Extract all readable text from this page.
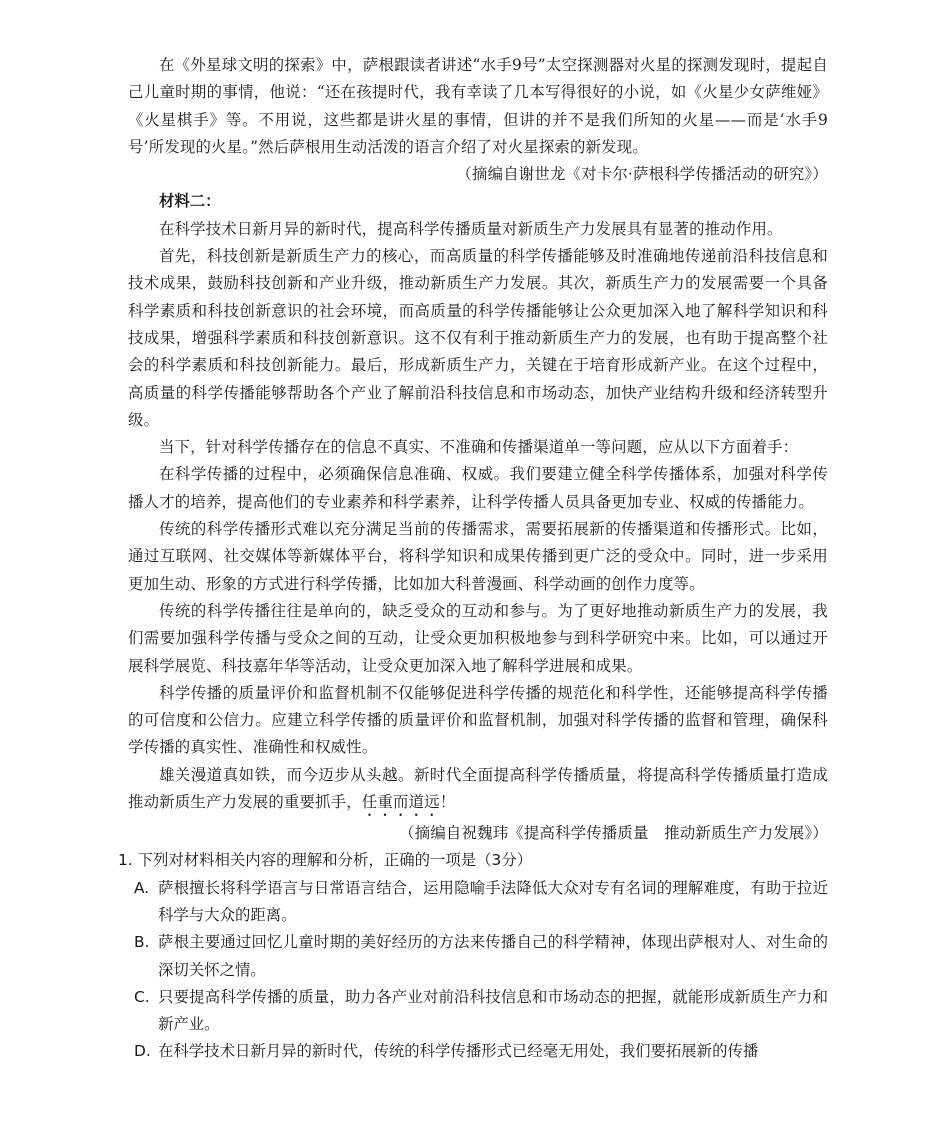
在《外星球文明的探索》中，萨根跟读者讲述“水手9号”太空探测器对火星的探测发现时，提起自己儿童时期的事情，他说：“还在孩提时代，我有幸读了几本写得很好的小说，如《火星少女萨维娅》《火星棋手》等。不用说，这些都是讲火星的事情，但讲的并不是我们所知的火星——而是‘水手9号’所发现的火星。”然后萨根用生动活泼的语言介绍了对火星探索的新发现。

（摘编自谢世龙《对卡尔·萨根科学传播活动的研究》）
材料二：

在科学技术日新月异的新时代，提高科学传播质量对新质生产力发展具有显著的推动作用。

首先，科技创新是新质生产力的核心，而高质量的科学传播能够及时准确地传递前沿科技信息和技术成果，鼓励科技创新和产业升级，推动新质生产力发展。其次，新质生产力的发展需要一个具备科学素质和科技创新意识的社会环境，而高质量的科学传播能够让公众更加深入地了解科学知识和科技成果，增强科学素质和科技创新意识。这不仅有利于推动新质生产力的发展，也有助于提高整个社会的科学素质和科技创新能力。最后，形成新质生产力，关键在于培育形成新产业。在这个过程中，高质量的科学传播能够帮助各个产业了解前沿科技信息和市场动态，加快产业结构升级和经济转型升级。

当下，针对科学传播存在的信息不真实、不准确和传播渠道单一等问题，应从以下方面着手：

在科学传播的过程中，必须确保信息准确、权威。我们要建立健全科学传播体系，加强对科学传播人才的培养，提高他们的专业素养和科学素养，让科学传播人员具备更加专业、权威的传播能力。

传统的科学传播形式难以充分满足当前的传播需求，需要拓展新的传播渠道和传播形式。比如，通过互联网、社交媒体等新媒体平台，将科学知识和成果传播到更广泛的受众中。同时，进一步采用更加生动、形象的方式进行科学传播，比如加大科普漫画、科学动画的创作力度等。

传统的科学传播往往是单向的，缺乏受众的互动和参与。为了更好地推动新质生产力的发展，我们需要加强科学传播与受众之间的互动，让受众更加积极地参与到科学研究中来。比如，可以通过开展科学展览、科技嘉年华等活动，让受众更加深入地了解科学进展和成果。

科学传播的质量评价和监督机制不仅能够促进科学传播的规范化和科学性，还能够提高科学传播的可信度和公信力。应建立科学传播的质量评价和监督机制，加强对科学传播的监督和管理，确保科学传播的真实性、准确性和权威性。

雄关漫道真如铁，而今迈步从头越。新时代全面提高科学传播质量，将提高科学传播质量打造成推动新质生产力发展的重要抓手，任重而道远！

（摘编自祝魏玮《提高科学传播质量　推动新质生产力发展》）
1. 下列对材料相关内容的理解和分析，正确的一项是（3分）
A. 萨根擅长将科学语言与日常语言结合，运用隐喻手法降低大众对专有名词的理解难度，有助于拉近科学与大众的距离。
B. 萨根主要通过回忆儿童时期的美好经历的方法来传播自己的科学精神，体现出萨根对人、对生命的深切关怀之情。
C. 只要提高科学传播的质量，助力各产业对前沿科技信息和市场动态的把握，就能形成新质生产力和新产业。
D. 在科学技术日新月异的新时代，传统的科学传播形式已经毫无用处，我们要拓展新的传播
